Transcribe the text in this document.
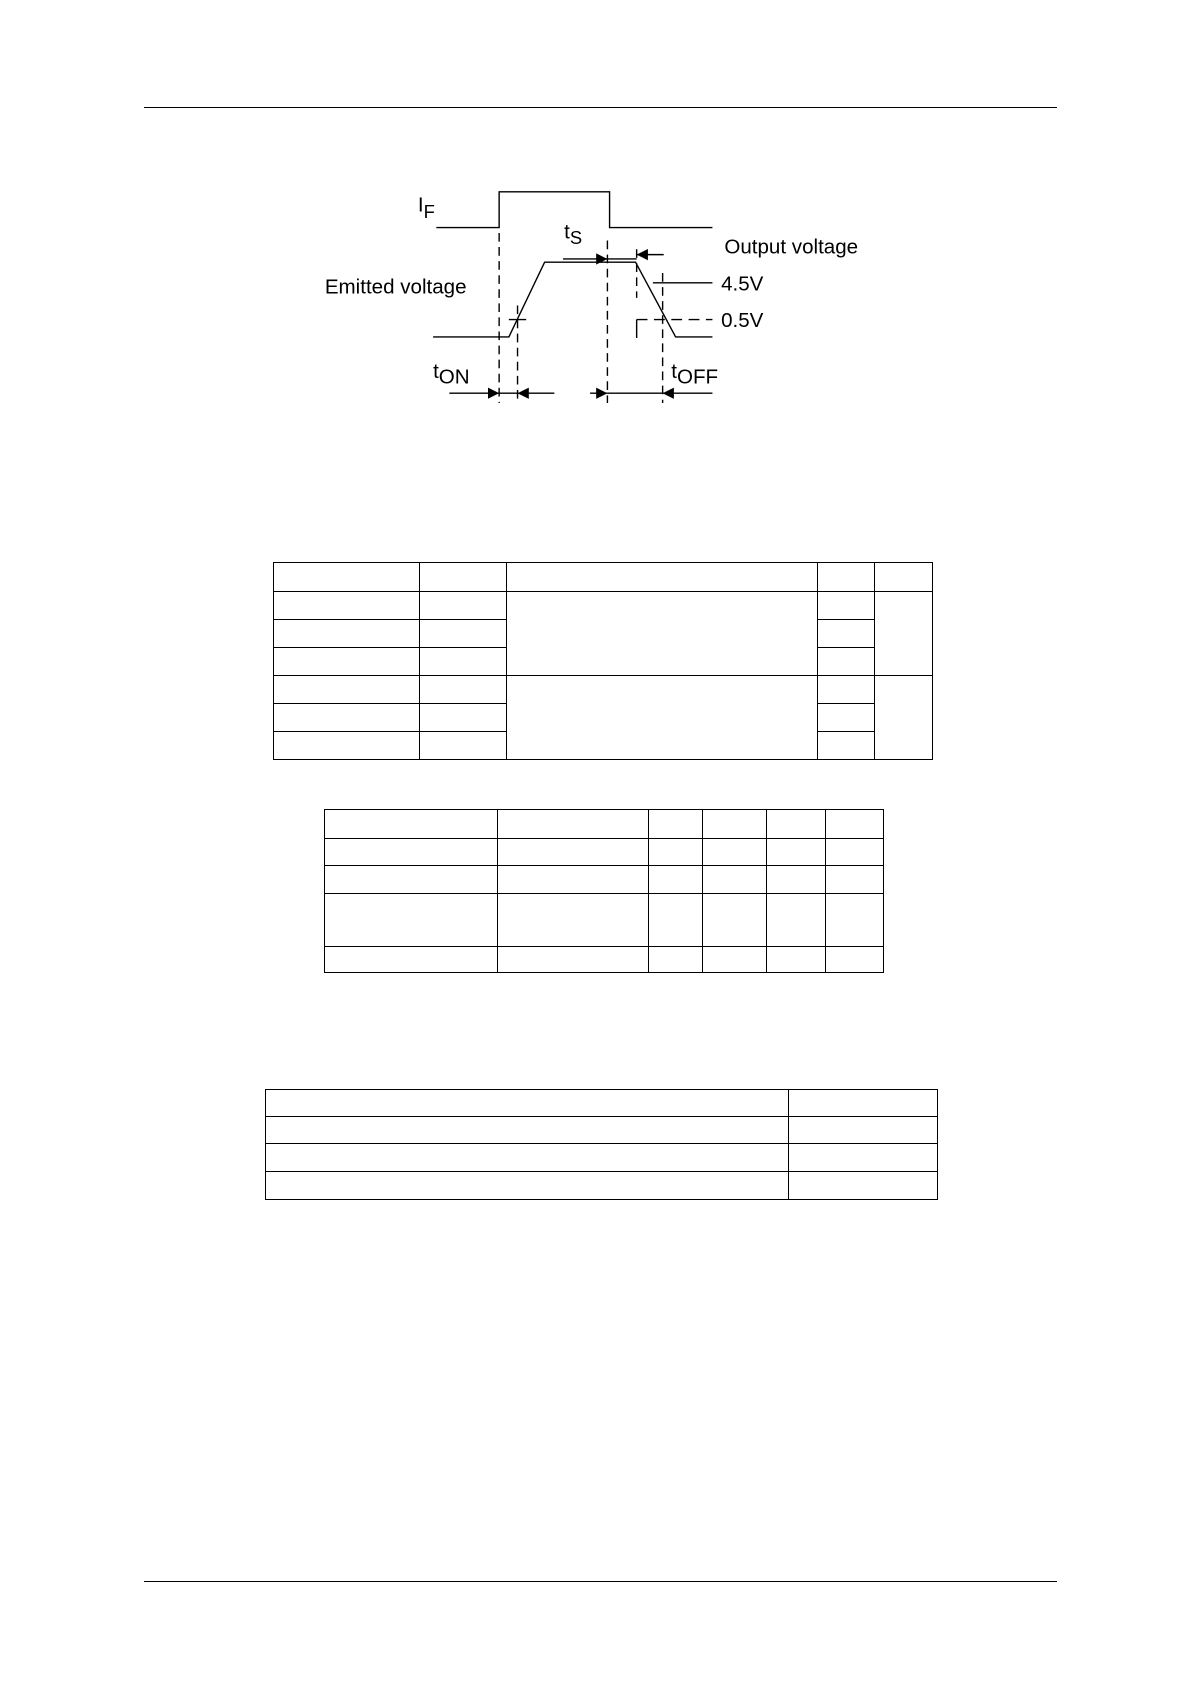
IF
tS	Output voltage
Emitted voltage	4.5V
0.5V
tON	tOFF
